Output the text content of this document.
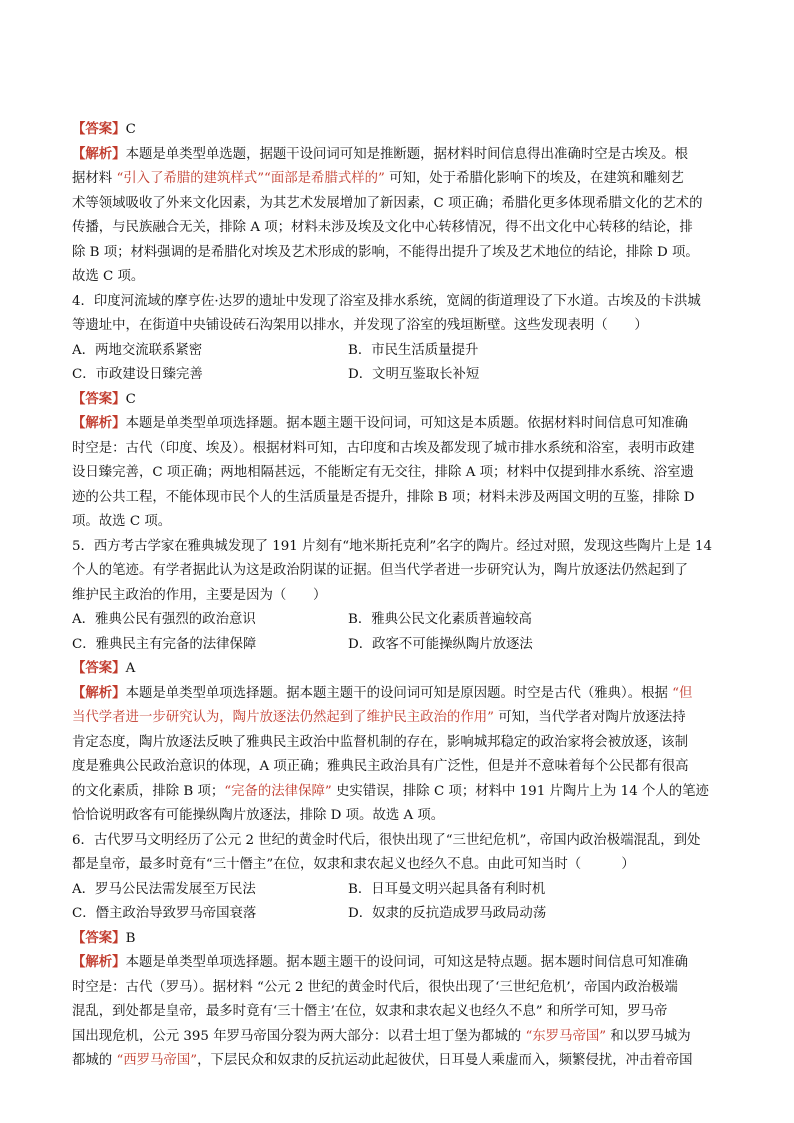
【答案】C
【解析】本题是单类型单选题，据题干设问词可知是推断题，据材料时间信息得出准确时空是古埃及。根
据材料 “引入了希腊的建筑样式”“面部是希腊式样的” 可知，处于希腊化影响下的埃及，在建筑和雕刻艺
术等领域吸收了外来文化因素，为其艺术发展增加了新因素，C 项正确；希腊化更多体现希腊文化的艺术的
传播，与民族融合无关，排除 A 项；材料未涉及埃及文化中心转移情况，得不出文化中心转移的结论，排
除 B 项；材料强调的是希腊化对埃及艺术形成的影响，不能得出提升了埃及艺术地位的结论，排除 D 项。
故选 C 项。
4．印度河流域的摩亨佐·达罗的遗址中发现了浴室及排水系统，宽阔的街道理设了下水道。古埃及的卡洪城
等遗址中，在街道中央铺设砖石沟架用以排水，并发现了浴室的残垣断壁。这些发现表明（　　）
A．两地交流联系紧密	B．市民生活质量提升
C．市政建设日臻完善	D．文明互鉴取长补短
【答案】C
【解析】本题是单类型单项选择题。据本题主题干设问词，可知这是本质题。依据材料时间信息可知准确
时空是：古代（印度、埃及）。根据材料可知，古印度和古埃及都发现了城市排水系统和浴室，表明市政建
设日臻完善，C 项正确；两地相隔甚远，不能断定有无交往，排除 A 项；材料中仅提到排水系统、浴室遗
迹的公共工程，不能体现市民个人的生活质量是否提升，排除 B 项；材料未涉及两国文明的互鉴，排除 D
项。故选 C 项。
5．西方考古学家在雅典城发现了 191 片刻有“地米斯托克利”名字的陶片。经过对照，发现这些陶片上是 14
个人的笔迹。有学者据此认为这是政治阴谋的证据。但当代学者进一步研究认为，陶片放逐法仍然起到了
维护民主政治的作用，主要是因为（　　）
A．雅典公民有强烈的政治意识	B．雅典公民文化素质普遍较高
C．雅典民主有完备的法律保障	D．政客不可能操纵陶片放逐法
【答案】A
【解析】本题是单类型单项选择题。据本题主题干的设问词可知是原因题。时空是古代（雅典）。根据 “但
当代学者进一步研究认为，陶片放逐法仍然起到了维护民主政治的作用” 可知，当代学者对陶片放逐法持
肯定态度，陶片放逐法反映了雅典民主政治中监督机制的存在，影响城邦稳定的政治家将会被放逐，该制
度是雅典公民政治意识的体现，A 项正确；雅典民主政治具有广泛性，但是并不意味着每个公民都有很高
的文化素质，排除 B 项；“完备的法律保障” 史实错误，排除 C 项；材料中 191 片陶片上为 14 个人的笔迹
恰恰说明政客有可能操纵陶片放逐法，排除 D 项。故选 A 项。
6．古代罗马文明经历了公元 2 世纪的黄金时代后，很快出现了“三世纪危机”，帝国内政治极端混乱，到处
都是皇帝，最多时竟有“三十僭主”在位，奴隶和隶农起义也经久不息。由此可知当时（　　　）
A．罗马公民法需发展至万民法	B．日耳曼文明兴起具备有利时机
C．僭主政治导致罗马帝国衰落	D．奴隶的反抗造成罗马政局动荡
【答案】B
【解析】本题是单类型单项选择题。据本题主题干的设问词，可知这是特点题。据本题时间信息可知准确
时空是：古代（罗马）。据材料 “公元 2 世纪的黄金时代后，很快出现了‘三世纪危机’，帝国内政治极端
混乱，到处都是皇帝，最多时竟有‘三十僭主’在位，奴隶和隶农起义也经久不息” 和所学可知，罗马帝
国出现危机，公元 395 年罗马帝国分裂为两大部分：以君士坦丁堡为都城的 “东罗马帝国” 和以罗马城为
都城的 “西罗马帝国”，下层民众和奴隶的反抗运动此起彼伏，日耳曼人乘虚而入，频繁侵扰，冲击着帝国
